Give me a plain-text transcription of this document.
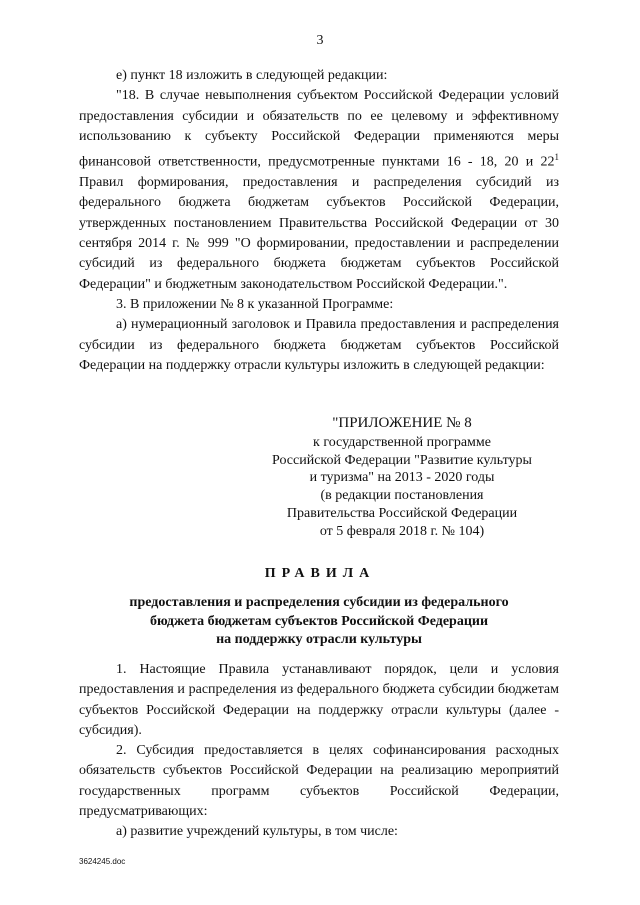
3

е) пункт 18 изложить в следующей редакции:

"18. В случае невыполнения субъектом Российской Федерации условий предоставления субсидии и обязательств по ее целевому и эффективному использованию к субъекту Российской Федерации применяются меры финансовой ответственности, предусмотренные пунктами 16 - 18, 20 и $22^1$ Правил формирования, предоставления и распределения субсидий из федерального бюджета бюджетам субъектов Российской Федерации, утвержденных постановлением Правительства Российской Федерации от 30 сентября 2014 г. № 999 "О формировании, предоставлении и распределении субсидий из федерального бюджета бюджетам субъектов Российской Федерации" и бюджетным законодательством Российской Федерации.".

3. В приложении № 8 к указанной Программе:

а) нумерационный заголовок и Правила предоставления и распределения субсидии из федерального бюджета бюджетам субъектов Российской Федерации на поддержку отрасли культуры изложить в следующей редакции:

"ПРИЛОЖЕНИЕ № 8
к государственной программе
Российской Федерации "Развитие культуры
и туризма" на 2013 - 2020 годы
(в редакции постановления
Правительства Российской Федерации
от 5 февраля 2018 г. № 104)
ПРАВИЛА
предоставления и распределения субсидии из федерального
бюджета бюджетам субъектов Российской Федерации
на поддержку отрасли культуры

1. Настоящие Правила устанавливают порядок, цели и условия предоставления и распределения из федерального бюджета субсидии бюджетам субъектов Российской Федерации на поддержку отрасли культуры (далее - субсидия).

2. Субсидия предоставляется в целях софинансирования расходных обязательств субъектов Российской Федерации на реализацию мероприятий государственных программ субъектов Российской Федерации, предусматривающих:

а) развитие учреждений культуры, в том числе:

3624245.doc
